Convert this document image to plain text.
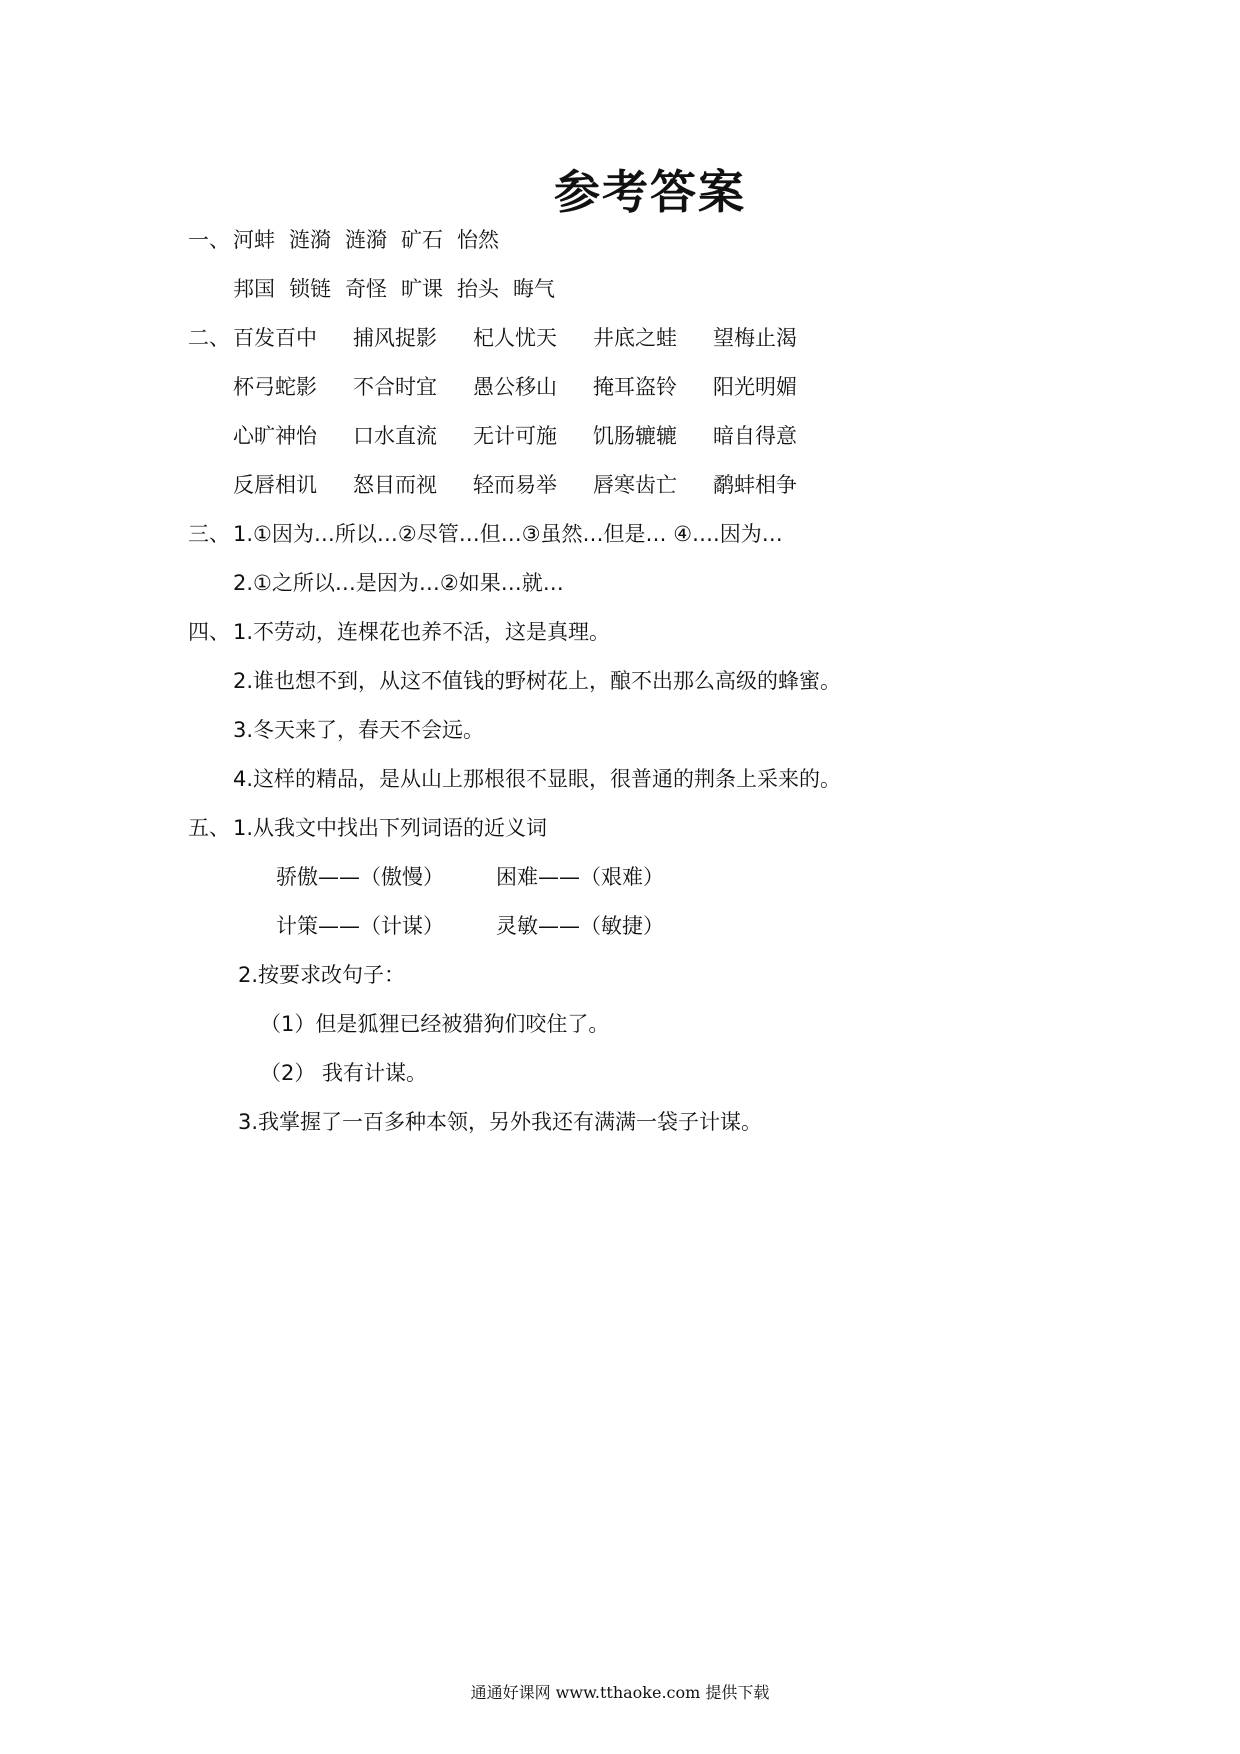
参考答案
一、 河蚌 涟漪 涟漪 矿石怡然
邦国 锁链 奇怪 旷课 抬头 晦气
二、 百发百中 捕风捉影 杞人忧天 井底之蛙 望梅止渴
杯弓蛇影 不合时宜 愚公移山 掩耳盗铃 阳光明媚
心旷神怡 口水直流 无计可施 饥肠辘辘 暗自得意
反唇相讥 怒目而视 轻而易举 唇寒齿亡 鹬蚌相争
三、 1.①因为…所以…②尽管…但…③虽然…但是… ④….因为…
2.①之所以…是因为…②如果…就…
四、 1.不劳动，连棵花也养不活，这是真理。
2.谁也想不到，从这不值钱的野树花上，酿不出那么高级的蜂蜜。
3.冬天来了，春天不会远。
4.这样的精品，是从山上那根很不显眼，很普通的荆条上采来的。
五、 1.从我文中找出下列词语的近义词
骄傲——（傲慢） 困难——（艰难）
计策——（计谋） 灵敏——（敏捷）
2.按要求改句子：
（1）但是狐狸已经被猎狗们咬住了。
（2） 我有计谋。
3.我掌握了一百多种本领，另外我还有满满一袋子计谋。
通通好课网 www.tthaoke.com 提供下载
